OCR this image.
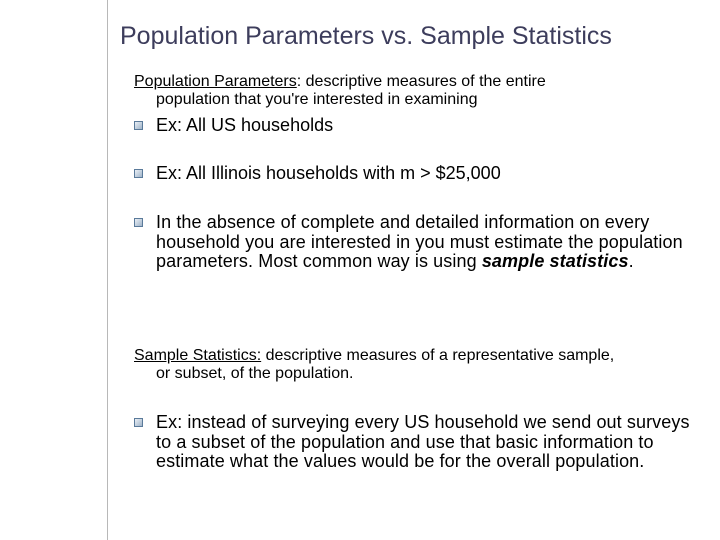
Population Parameters vs. Sample Statistics
Population Parameters: descriptive measures of the entire
population that you're interested in examining
Ex: All US households
Ex: All Illinois households with m > $25,000
In the absence of complete and detailed information on every household you are interested in you must estimate the population parameters. Most common way is using sample statistics.
Sample Statistics: descriptive measures of a representative sample,
or subset, of the population.
Ex: instead of surveying every US household we send out surveys to a subset of the population and use that basic information to estimate what the values would be for the overall population.
